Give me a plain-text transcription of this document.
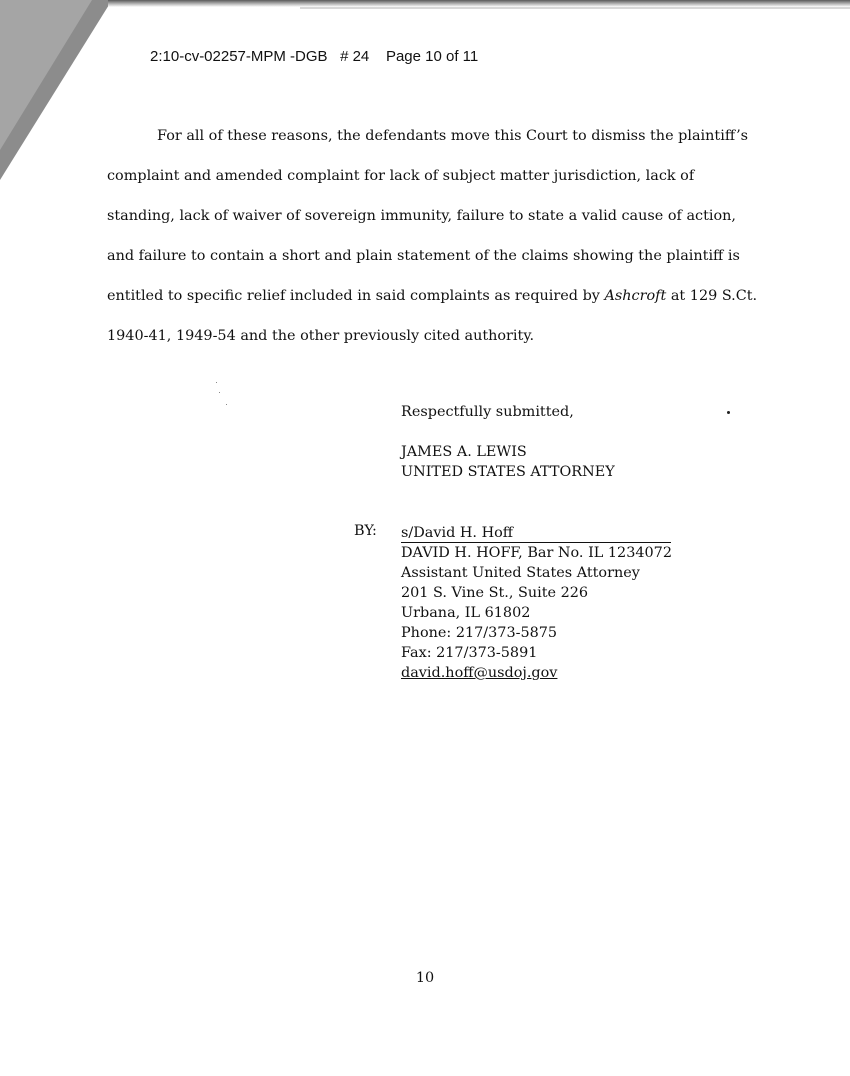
2:10-cv-02257-MPM -DGB # 24 Page 10 of 11
For all of these reasons, the defendants move this Court to dismiss the plaintiff’s
complaint and amended complaint for lack of subject matter jurisdiction, lack of
standing, lack of waiver of sovereign immunity, failure to state a valid cause of action,
and failure to contain a short and plain statement of the claims showing the plaintiff is
entitled to specific relief included in said complaints as required by Ashcroft at 129 S.Ct.
1940-41, 1949-54 and the other previously cited authority.
Respectfully submitted,
JAMES A. LEWIS
UNITED STATES ATTORNEY
BY: s/David H. Hoff
DAVID H. HOFF, Bar No. IL 1234072
Assistant United States Attorney
201 S. Vine St., Suite 226
Urbana, IL 61802
Phone: 217/373-5875
Fax: 217/373-5891
david.hoff@usdoj.gov
10
